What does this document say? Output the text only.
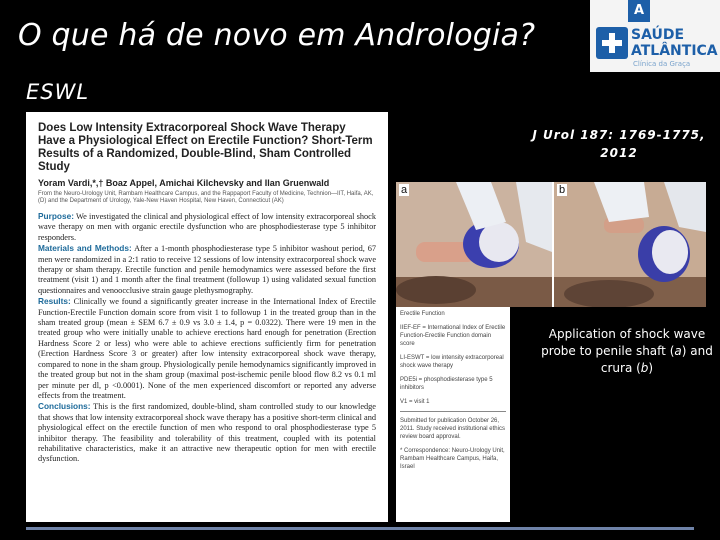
O que há de novo em Andrologia?
ESWL
A
SAÚDE
ATLÂNTICA
Clínica da Graça
Does Low Intensity Extracorporeal Shock Wave Therapy Have a Physiological Effect on Erectile Function? Short-Term Results of a Randomized, Double-Blind, Sham Controlled Study
Yoram Vardi,*,† Boaz Appel, Amichai Kilchevsky and Ilan Gruenwald
From the Neuro-Urology Unit, Rambam Healthcare Campus, and the Rappaport Faculty of Medicine, Technion—IIT, Haifa, AK, (D) and the Department of Urology, Yale-New Haven Hospital, New Haven, Connecticut (AK)

Purpose: We investigated the clinical and physiological effect of low intensity extracorporeal shock wave therapy on men with organic erectile dysfunction who are phosphodiesterase type 5 inhibitor responders.

Materials and Methods: After a 1-month phosphodiesterase type 5 inhibitor washout period, 67 men were randomized in a 2:1 ratio to receive 12 sessions of low intensity extracorporeal shock wave therapy or sham therapy. Erectile function and penile hemodynamics were assessed before the first treatment (visit 1) and 1 month after the final treatment (followup 1) using validated sexual function questionnaires and venoocclusive strain gauge plethysmography.

Results: Clinically we found a significantly greater increase in the International Index of Erectile Function-Erectile Function domain score from visit 1 to followup 1 in the treated group than in the sham treated group (mean ± SEM 6.7 ± 0.9 vs 3.0 ± 1.4, p = 0.0322). There were 19 men in the treated group who were initially unable to achieve erections hard enough for penetration (Erection Hardness Score 2 or less) who were able to achieve erections sufficiently firm for penetration (Erection Hardness Score 3 or greater) after low intensity extracorporeal shock wave therapy, compared to none in the sham group. Physiologically penile hemodynamics significantly improved in the treated group but not in the sham group (maximal post-ischemic penile blood flow 8.2 vs 0.1 ml per minute per dl, p <0.0001). None of the men experienced discomfort or reported any adverse effects from the treatment.

Conclusions: This is the first randomized, double-blind, sham controlled study to our knowledge that shows that low intensity extracorporeal shock wave therapy has a positive short-term clinical and physiological effect on the erectile function of men who respond to oral phosphodiesterase type 5 inhibitor therapy. The feasibility and tolerability of this treatment, coupled with its potential rehabilitative characteristics, make it an attractive new therapeutic option for men with erectile dysfunction.

J Urol 187: 1769-1775,
2012
a	b
Erectile Function
IIEF-EF = International Index of Erectile Function-Erectile Function domain score
LI-ESWT = low intensity extracorporeal shock wave therapy
PDE5i = phosphodiesterase type 5 inhibitors
V1 = visit 1
Submitted for publication October 26, 2011. Study received institutional ethics review board approval.
* Correspondence: Neuro-Urology Unit, Rambam Healthcare Campus, Haifa, Israel
Application of shock wave probe to penile shaft (a) and crura (b)
